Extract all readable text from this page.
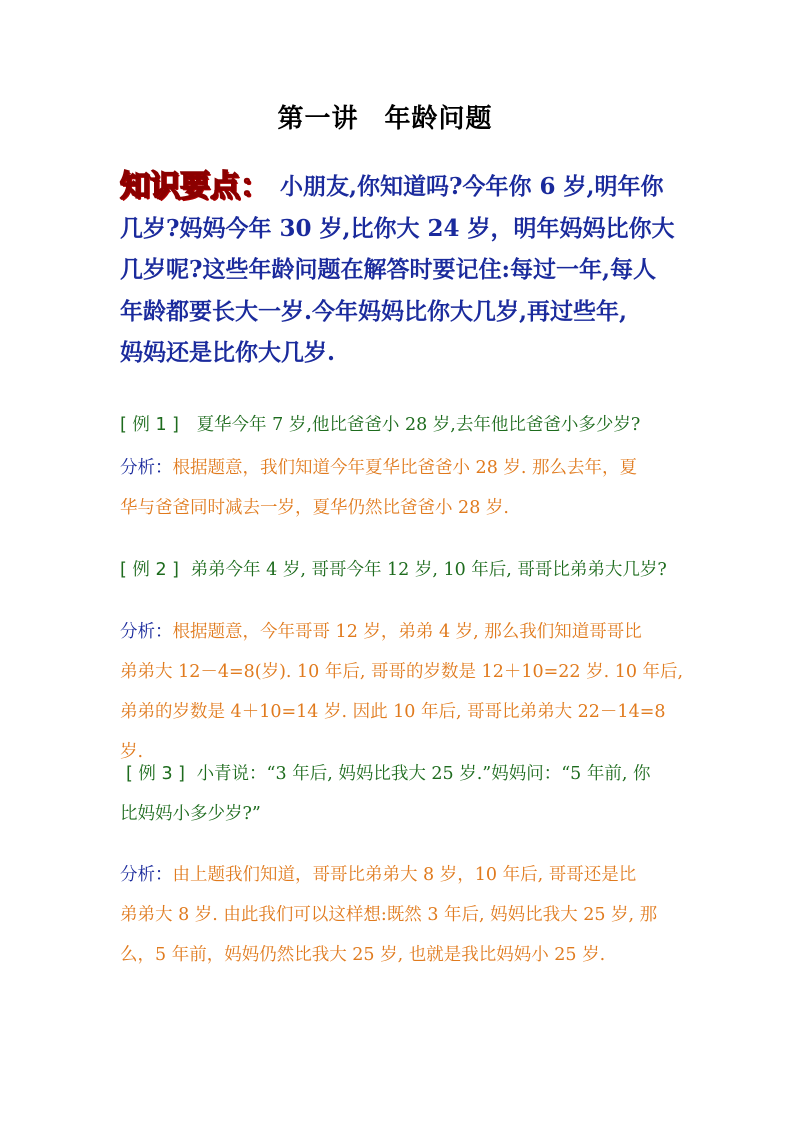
第一讲 年龄问题
知识要点： 小朋友,你知道吗?今年你 6 岁,明年你
几岁?妈妈今年 30 岁,比你大 24 岁，明年妈妈比你大
几岁呢?这些年龄问题在解答时要记住:每过一年,每人
年龄都要长大一岁.今年妈妈比你大几岁,再过些年,
妈妈还是比你大几岁.
[ 例 1 ] 夏华今年 7 岁,他比爸爸小 28 岁,去年他比爸爸小多少岁?
分析：根据题意，我们知道今年夏华比爸爸小 28 岁. 那么去年，夏
华与爸爸同时减去一岁，夏华仍然比爸爸小 28 岁.
[ 例 2 ] 弟弟今年 4 岁, 哥哥今年 12 岁, 10 年后, 哥哥比弟弟大几岁?
分析：根据题意，今年哥哥 12 岁，弟弟 4 岁, 那么我们知道哥哥比
弟弟大 12－4=8(岁). 10 年后, 哥哥的岁数是 12＋10=22 岁. 10 年后,
弟弟的岁数是 4＋10=14 岁. 因此 10 年后, 哥哥比弟弟大 22－14=8 岁.
[ 例 3 ] 小青说：“3 年后, 妈妈比我大 25 岁.”妈妈问：“5 年前, 你

比妈妈小多少岁?”
分析：由上题我们知道，哥哥比弟弟大 8 岁，10 年后, 哥哥还是比
弟弟大 8 岁. 由此我们可以这样想:既然 3 年后, 妈妈比我大 25 岁, 那
么，5 年前，妈妈仍然比我大 25 岁, 也就是我比妈妈小 25 岁.
